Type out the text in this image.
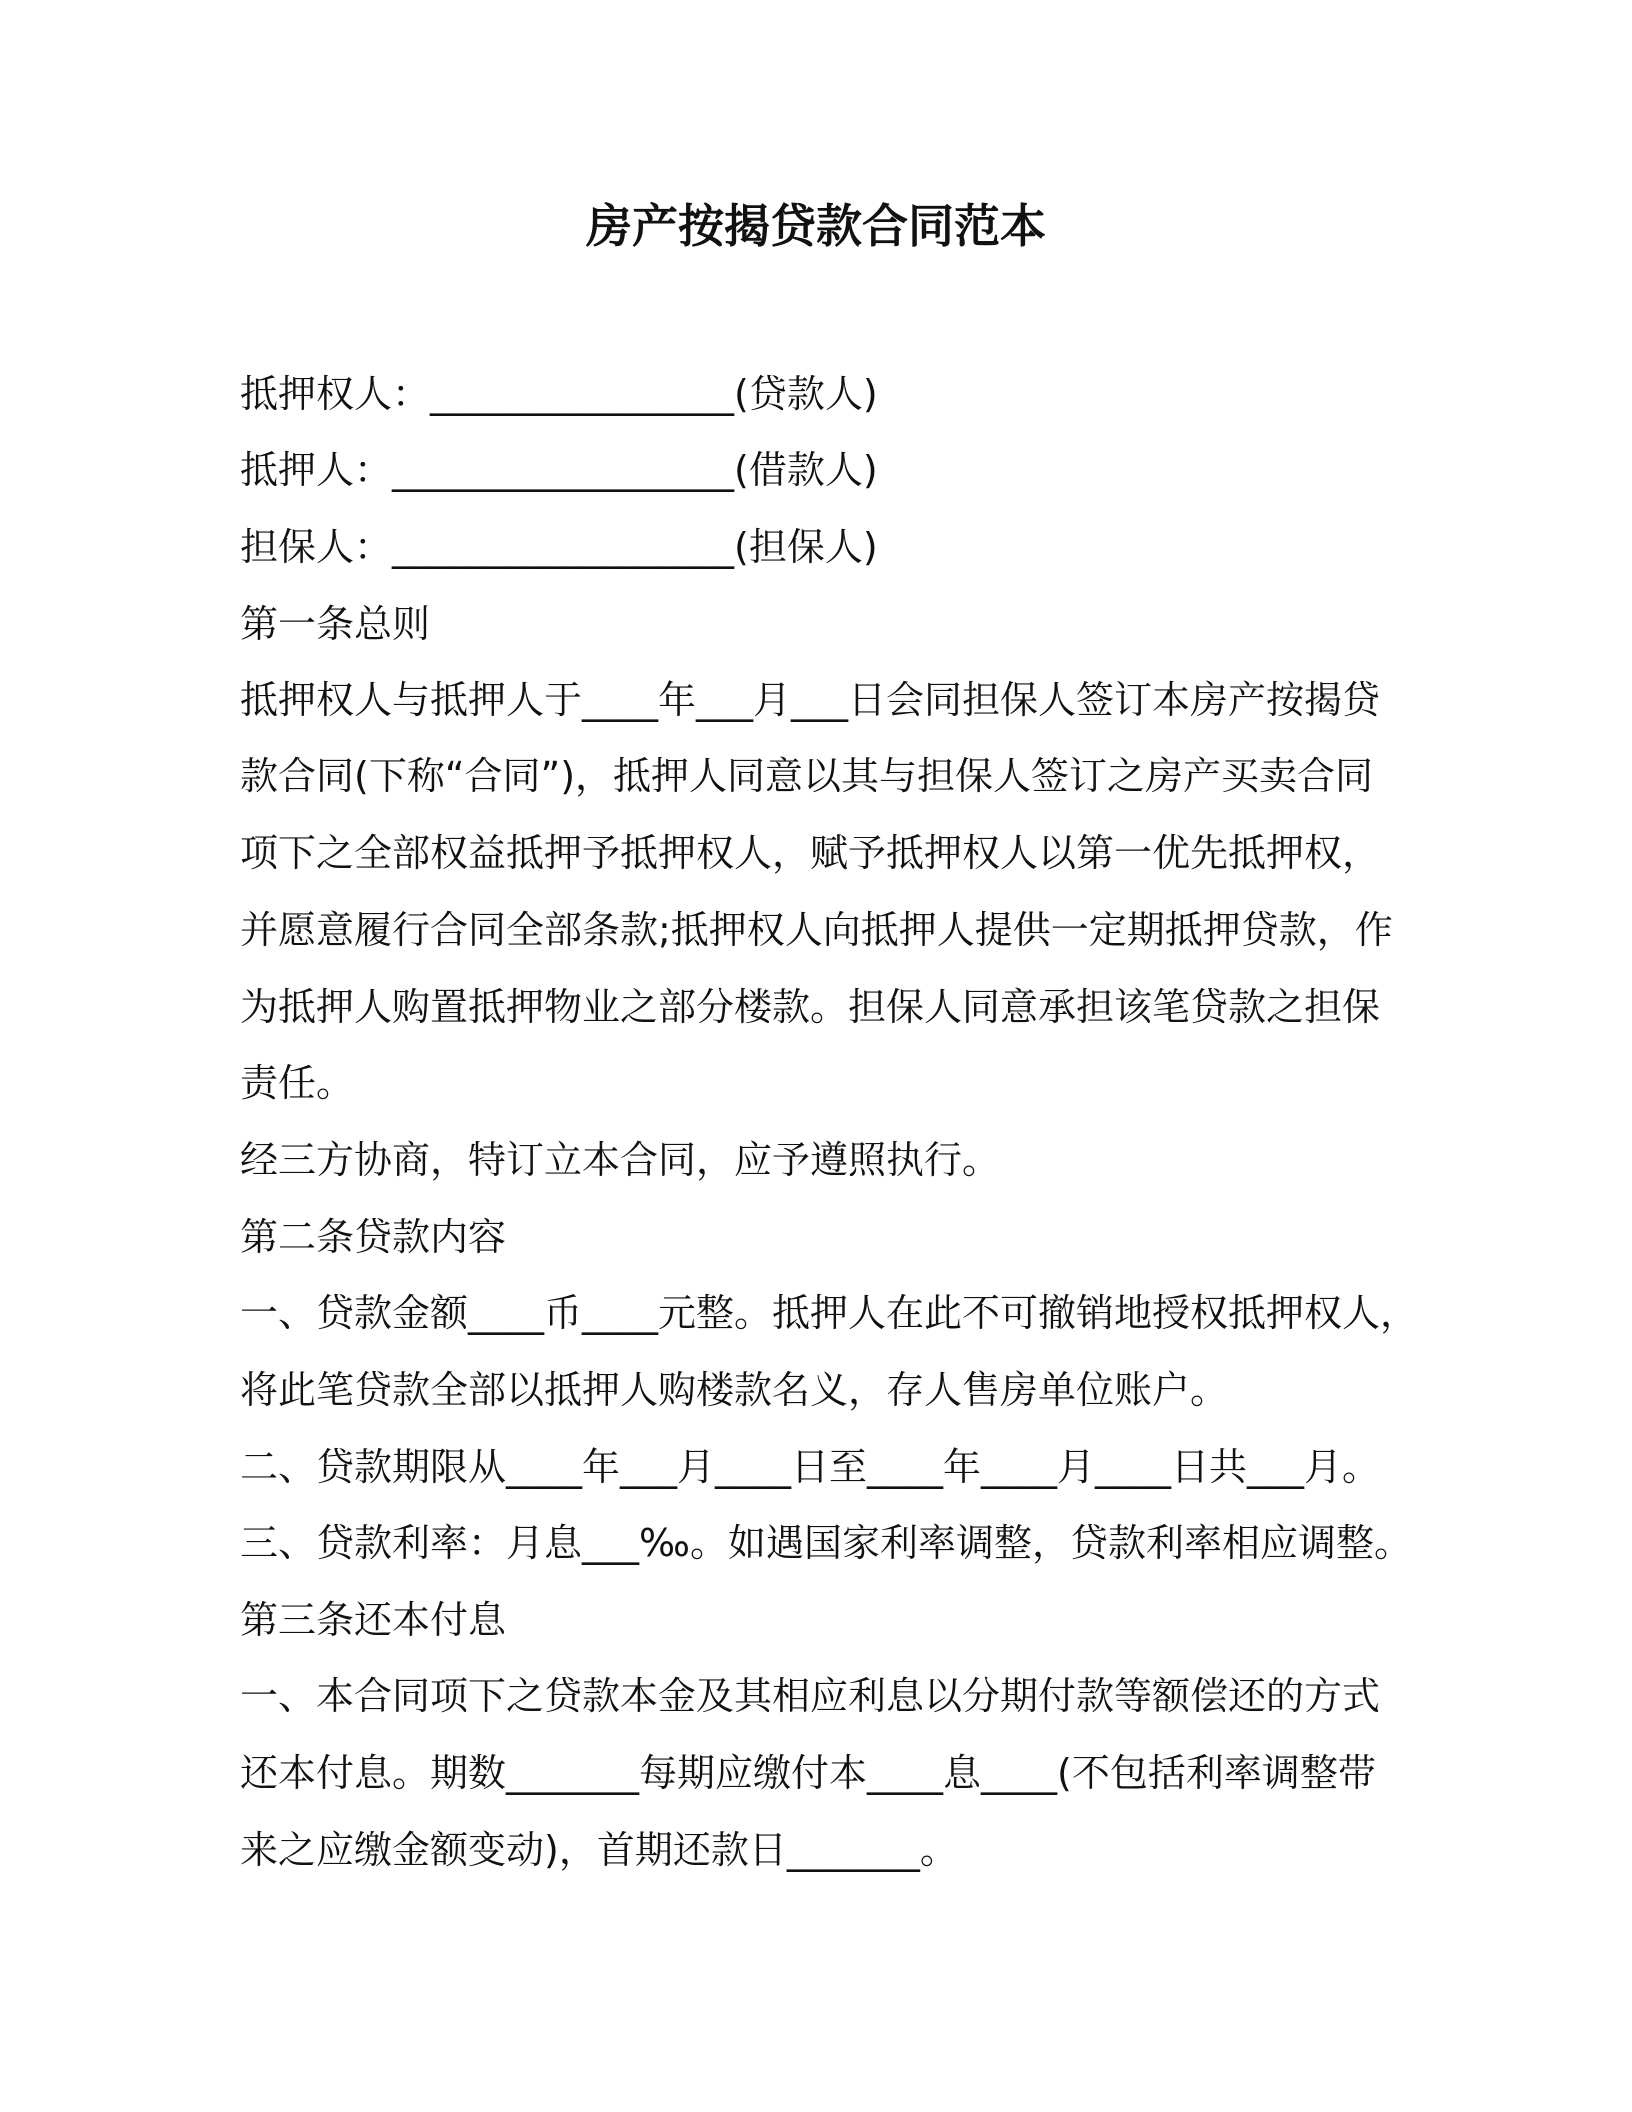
房产按揭贷款合同范本

抵押权人：________________(贷款人)

抵押人：__________________(借款人)

担保人：__________________(担保人)

第一条总则

抵押权人与抵押人于____年___月___日会同担保人签订本房产按揭贷

款合同(下称“合同”)，抵押人同意以其与担保人签订之房产买卖合同

项下之全部权益抵押予抵押权人，赋予抵押权人以第一优先抵押权，

并愿意履行合同全部条款;抵押权人向抵押人提供一定期抵押贷款，作

为抵押人购置抵押物业之部分楼款。担保人同意承担该笔贷款之担保

责任。

经三方协商，特订立本合同，应予遵照执行。

第二条贷款内容

一、贷款金额____币____元整。抵押人在此不可撤销地授权抵押权人，

将此笔贷款全部以抵押人购楼款名义，存人售房单位账户。

二、贷款期限从____年___月____日至____年____月____日共___月。

三、贷款利率：月息___‰。如遇国家利率调整，贷款利率相应调整。

第三条还本付息

一、本合同项下之贷款本金及其相应利息以分期付款等额偿还的方式

还本付息。期数_______每期应缴付本____息____(不包括利率调整带

来之应缴金额变动)，首期还款日_______。
